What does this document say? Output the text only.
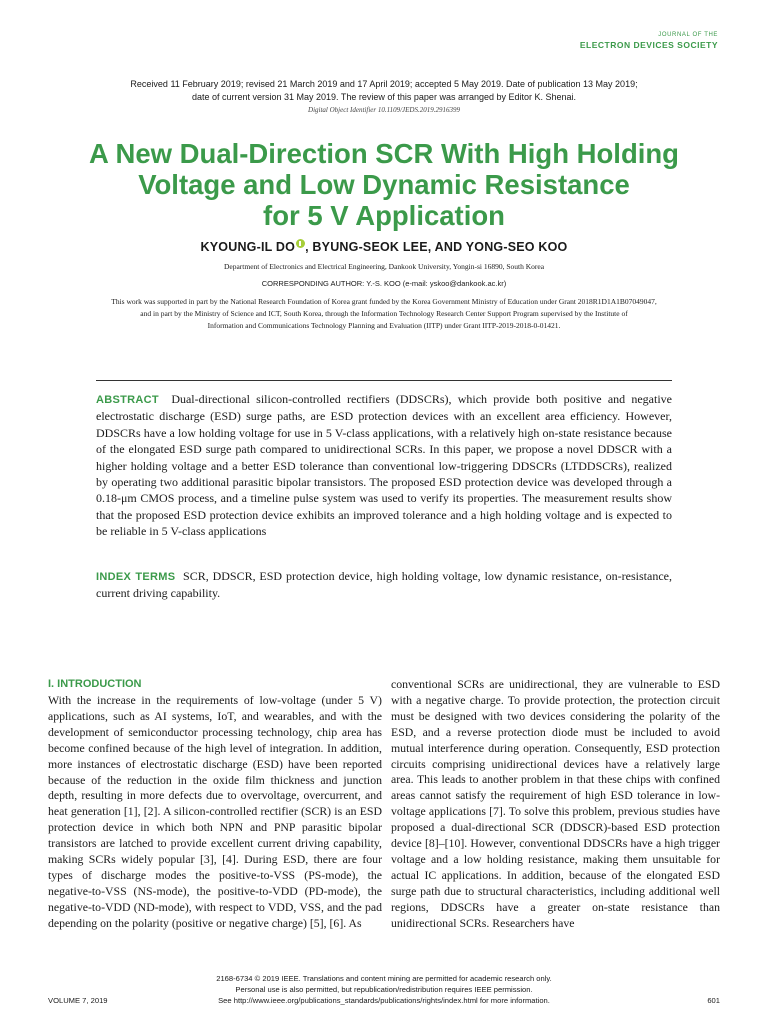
JOURNAL OF THE
ELECTRON DEVICES SOCIETY
Received 11 February 2019; revised 21 March 2019 and 17 April 2019; accepted 5 May 2019. Date of publication 13 May 2019;
date of current version 31 May 2019. The review of this paper was arranged by Editor K. Shenai.
Digital Object Identifier 10.1109/JEDS.2019.2916399
A New Dual-Direction SCR With High Holding
Voltage and Low Dynamic Resistance
for 5 V Application
KYOUNG-IL DO , BYUNG-SEOK LEE, AND YONG-SEO KOO
Department of Electronics and Electrical Engineering, Dankook University, Yongin-si 16890, South Korea
CORRESPONDING AUTHOR: Y.-S. KOO (e-mail: yskoo@dankook.ac.kr)
This work was supported in part by the National Research Foundation of Korea grant funded by the Korea Government Ministry of Education under Grant 2018R1D1A1B07049047,
and in part by the Ministry of Science and ICT, South Korea, through the Information Technology Research Center Support Program supervised by the Institute of
Information and Communications Technology Planning and Evaluation (IITP) under Grant IITP-2019-2018-0-01421.
ABSTRACT Dual-directional silicon-controlled rectifiers (DDSCRs), which provide both positive and negative electrostatic discharge (ESD) surge paths, are ESD protection devices with an excellent area efficiency. However, DDSCRs have a low holding voltage for use in 5 V-class applications, with a relatively high on-state resistance because of the elongated ESD surge path compared to unidirectional SCRs. In this paper, we propose a novel DDSCR with a higher holding voltage and a better ESD tolerance than conventional low-triggering DDSCRs (LTDDSCRs), realized by operating two additional parasitic bipolar transistors. The proposed ESD protection device was developed through a 0.18-μm CMOS process, and a timeline pulse system was used to verify its properties. The measurement results show that the proposed ESD protection device exhibits an improved tolerance and a high holding voltage and is expected to be reliable in 5 V-class applications
INDEX TERMS SCR, DDSCR, ESD protection device, high holding voltage, low dynamic resistance, on-resistance, current driving capability.
I. INTRODUCTION
With the increase in the requirements of low-voltage (under 5 V) applications, such as AI systems, IoT, and wearables, and with the development of semiconductor processing technology, chip area has become confined because of the high level of integration. In addition, more instances of electrostatic discharge (ESD) have been reported because of the reduction in the oxide film thickness and junction depth, resulting in more defects due to overvoltage, overcurrent, and heat generation [1], [2]. A silicon-controlled rectifier (SCR) is an ESD protection device in which both NPN and PNP parasitic bipolar transistors are latched to provide excellent current driving capability, making SCRs widely popular [3], [4]. During ESD, there are four types of discharge modes the positive-to-VSS (PS-mode), the negative-to-VSS (NS-mode), the positive-to-VDD (PD-mode), the negative-to-VDD (ND-mode), with respect to VDD, VSS, and the pad depending on the polarity (positive or negative charge) [5], [6]. As
conventional SCRs are unidirectional, they are vulnerable to ESD with a negative charge. To provide protection, the protection circuit must be designed with two devices considering the polarity of the ESD, and a reverse protection diode must be included to avoid mutual interference during operation. Consequently, ESD protection circuits comprising unidirectional devices have a relatively large area. This leads to another problem in that these chips with confined areas cannot satisfy the requirement of high ESD tolerance in low-voltage applications [7]. To solve this problem, previous studies have proposed a dual-directional SCR (DDSCR)-based ESD protection device [8]–[10]. However, conventional DDSCRs have a high trigger voltage and a low holding resistance, making them unsuitable for actual IC applications. In addition, because of the elongated ESD surge path due to structural characteristics, including additional well regions, DDSCRs have a greater on-state resistance than unidirectional SCRs. Researchers have
2168-6734 © 2019 IEEE. Translations and content mining are permitted for academic research only.
Personal use is also permitted, but republication/redistribution requires IEEE permission.
See http://www.ieee.org/publications_standards/publications/rights/index.html for more information.
VOLUME 7, 2019	601
